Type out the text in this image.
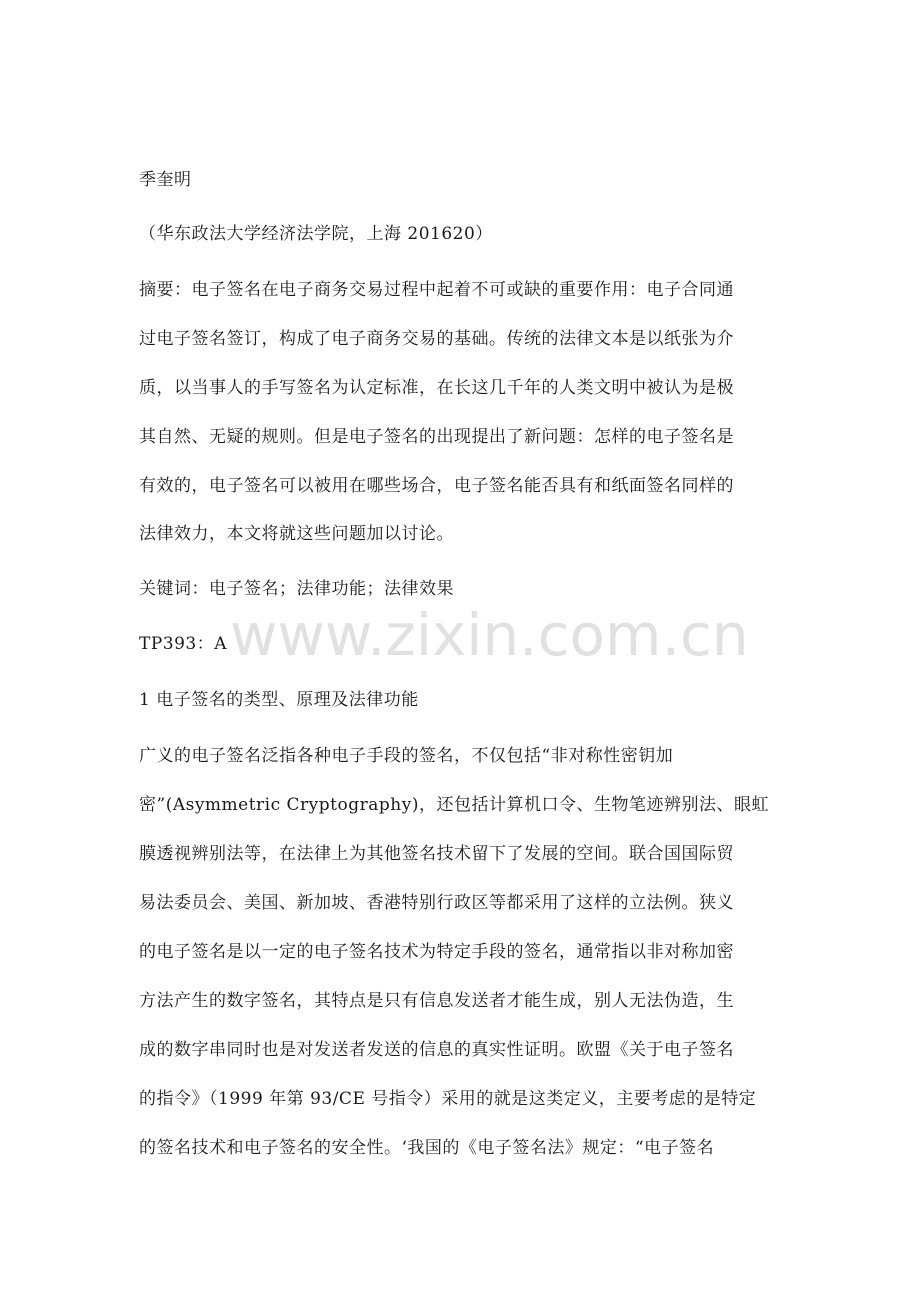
季奎明
（华东政法大学经济法学院，上海 201620）
摘要：电子签名在电子商务交易过程中起着不可或缺的重要作用：电子合同通
过电子签名签订，构成了电子商务交易的基础。传统的法律文本是以纸张为介
质，以当事人的手写签名为认定标准，在长这几千年的人类文明中被认为是极
其自然、无疑的规则。但是电子签名的出现提出了新问题：怎样的电子签名是
有效的，电子签名可以被用在哪些场合，电子签名能否具有和纸面签名同样的
法律效力，本文将就这些问题加以讨论。
关键词：电子签名；法律功能；法律效果
TP393：A
1 电子签名的类型、原理及法律功能
广义的电子签名泛指各种电子手段的签名，不仅包括“非对称性密钥加
密”(Asymmetric Cryptography)，还包括计算机口令、生物笔迹辨别法、眼虹
膜透视辨别法等，在法律上为其他签名技术留下了发展的空间。联合国国际贸
易法委员会、美国、新加坡、香港特别行政区等都采用了这样的立法例。狭义
的电子签名是以一定的电子签名技术为特定手段的签名，通常指以非对称加密
方法产生的数字签名，其特点是只有信息发送者才能生成，别人无法伪造，生
成的数字串同时也是对发送者发送的信息的真实性证明。欧盟《关于电子签名
的指令》（1999 年第 93/CE 号指令）采用的就是这类定义，主要考虑的是特定
的签名技术和电子签名的安全性。‘我国的《电子签名法》规定：“电子签名
www.zixin.com.cn
